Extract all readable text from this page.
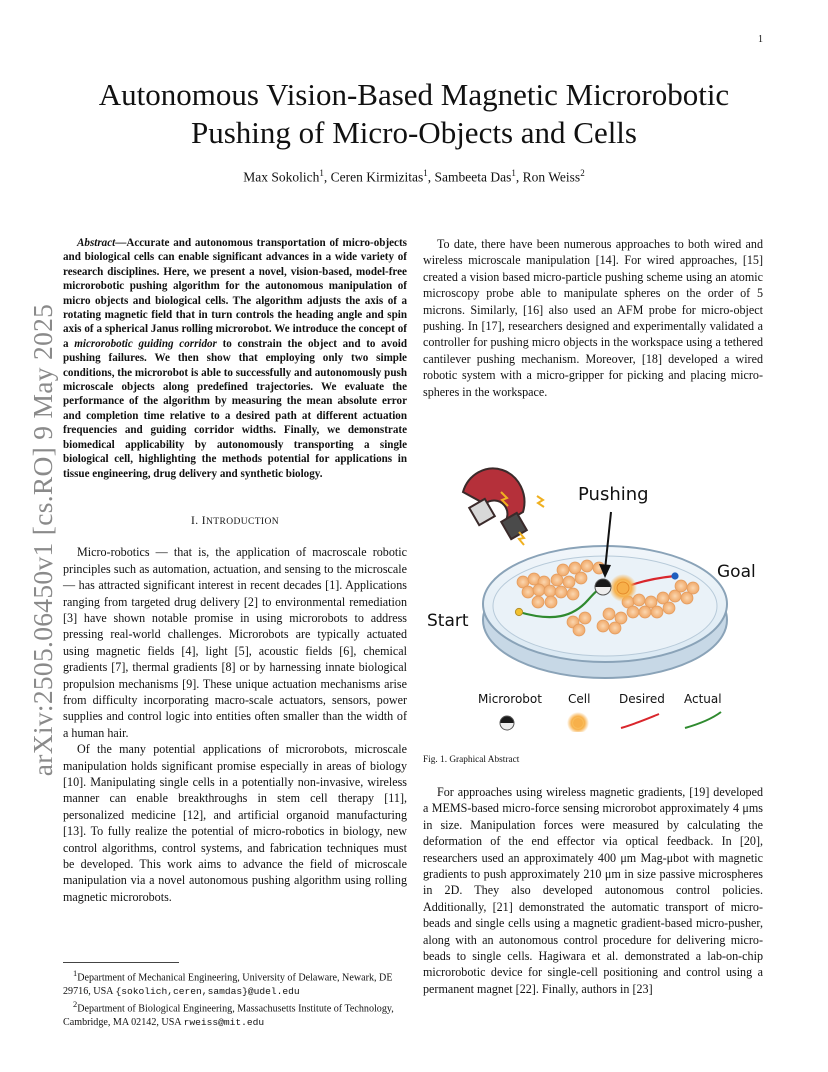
1
arXiv:2505.06450v1 [cs.RO] 9 May 2025
Autonomous Vision-Based Magnetic Microrobotic Pushing of Micro-Objects and Cells
Max Sokolich$^1$, Ceren Kirmizitas$^1$, Sambeeta Das$^1$, Ron Weiss$^2$

Abstract—Accurate and autonomous transportation of micro-objects and biological cells can enable significant advances in a wide variety of research disciplines. Here, we present a novel, vision-based, model-free microrobotic pushing algorithm for the autonomous manipulation of micro objects and biological cells. The algorithm adjusts the axis of a rotating magnetic field that in turn controls the heading angle and spin axis of a spherical Janus rolling microrobot. We introduce the concept of a microrobotic guiding corridor to constrain the object and to avoid pushing failures. We then show that employing only two simple conditions, the microrobot is able to successfully and autonomously push microscale objects along predefined trajectories. We evaluate the performance of the algorithm by measuring the mean absolute error and completion time relative to a desired path at different actuation frequencies and guiding corridor widths. Finally, we demonstrate biomedical applicability by autonomously transporting a single biological cell, highlighting the methods potential for applications in tissue engineering, drug delivery and synthetic biology.

I. INTRODUCTION

Micro-robotics — that is, the application of macroscale robotic principles such as automation, actuation, and sensing to the microscale — has attracted significant interest in recent decades [1]. Applications ranging from targeted drug delivery [2] to environmental remediation [3] have shown notable promise in using microrobots to address pressing real-world challenges. Microrobots are typically actuated using magnetic fields [4], light [5], acoustic fields [6], chemical gradients [7], thermal gradients [8] or by harnessing innate biological propulsion mechanisms [9]. These unique actuation mechanisms arise from difficulty incorporating macro-scale actuators, sensors, power supplies and control logic into entities often smaller than the width of a human hair.

Of the many potential applications of microrobots, microscale manipulation holds significant promise especially in areas of biology [10]. Manipulating single cells in a potentially non-invasive, wireless manner can enable breakthroughs in stem cell therapy [11], personalized medicine [12], and artificial organoid manufacturing [13]. To fully realize the potential of micro-robotics in biology, new control algorithms, control systems, and fabrication techniques must be developed. This work aims to advance the field of microscale manipulation via a novel autonomous pushing algorithm using rolling magnetic microrobots.

$^1$Department of Mechanical Engineering, University of Delaware, Newark, DE 29716, USA {sokolich,ceren,samdas}@udel.edu

$^2$Department of Biological Engineering, Massachusetts Institute of Technology, Cambridge, MA 02142, USA rweiss@mit.edu

To date, there have been numerous approaches to both wired and wireless microscale manipulation [14]. For wired approaches, [15] created a vision based micro-particle pushing scheme using an atomic microscopy probe able to manipulate spheres on the order of 5 microns. Similarly, [16] also used an AFM probe for micro-object pushing. In [17], researchers designed and experimentally validated a controller for pushing micro objects in the workspace using a tethered cantilever pushing mechanism. Moreover, [18] developed a wired robotic system with a micro-gripper for picking and placing micro-spheres in the workspace.

Pushing
Goal
Start
Microrobot Cell Desired Actual
Fig. 1. Graphical Abstract

For approaches using wireless magnetic gradients, [19] developed a MEMS-based micro-force sensing microrobot approximately 4 μms in size. Manipulation forces were measured by calculating the deformation of the end effector via optical feedback. In [20], researchers used an approximately 400 μm Mag-μbot with magnetic gradients to push approximately 210 μm in size passive microspheres in 2D. They also developed autonomous control policies. Additionally, [21] demonstrated the automatic transport of micro-beads and single cells using a magnetic gradient-based micro-pusher, along with an autonomous control procedure for delivering micro-beads to single cells. Hagiwara et al. demonstrated a lab-on-chip microrobotic device for single-cell positioning and control using a permanent magnet [22]. Finally, authors in [23]
